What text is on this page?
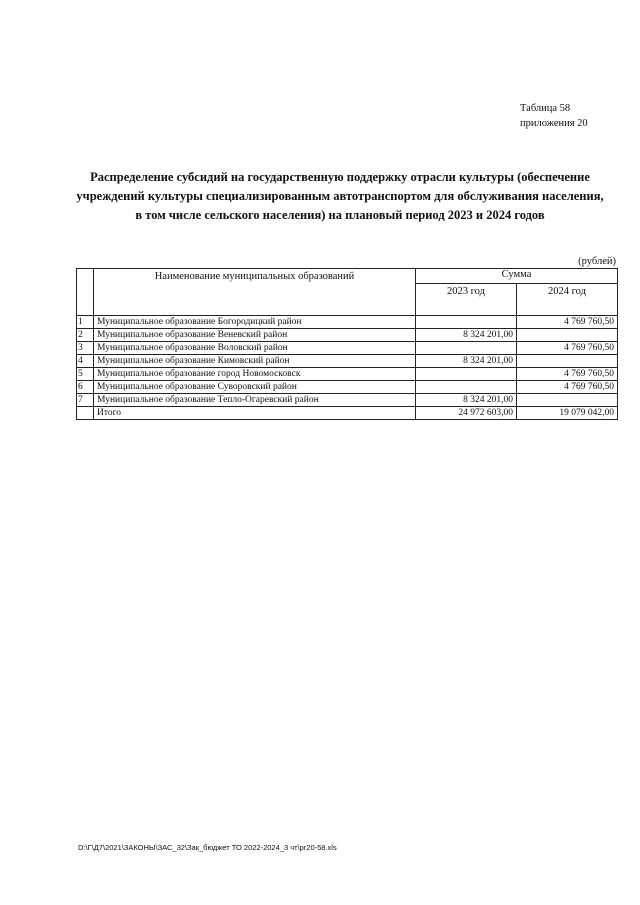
Таблица 58
приложения 20
Распределение субсидий на государственную поддержку отрасли культуры (обеспечение
учреждений культуры специализированным автотранспортом для обслуживания населения,
в том числе сельского населения) на плановый период 2023 и 2024 годов
(рублей)
	Наименование муниципальных образований	Сумма	
		2023 год	2024 год
1	Муниципальное образование Богородицкий район		4 769 760,50
2	Муниципальное образование Веневский район	8 324 201,00	
3	Муниципальное образование Воловский район		4 769 760,50
4	Муниципальное образование Кимовский район	8 324 201,00	
5	Муниципальное образование город Новомосковск		4 769 760,50
6	Муниципальное образование Суворовский район		4 769 760,50
7	Муниципальное образование Тепло-Огаревский район	8 324 201,00	
	Итого	24 972 603,00	19 079 042,00
D:\Г\Д7\2021\ЗАКОНЫ\ЗАС_32\Зак_бюджет ТО 2022-2024_3 чт\pr20-58.xls
